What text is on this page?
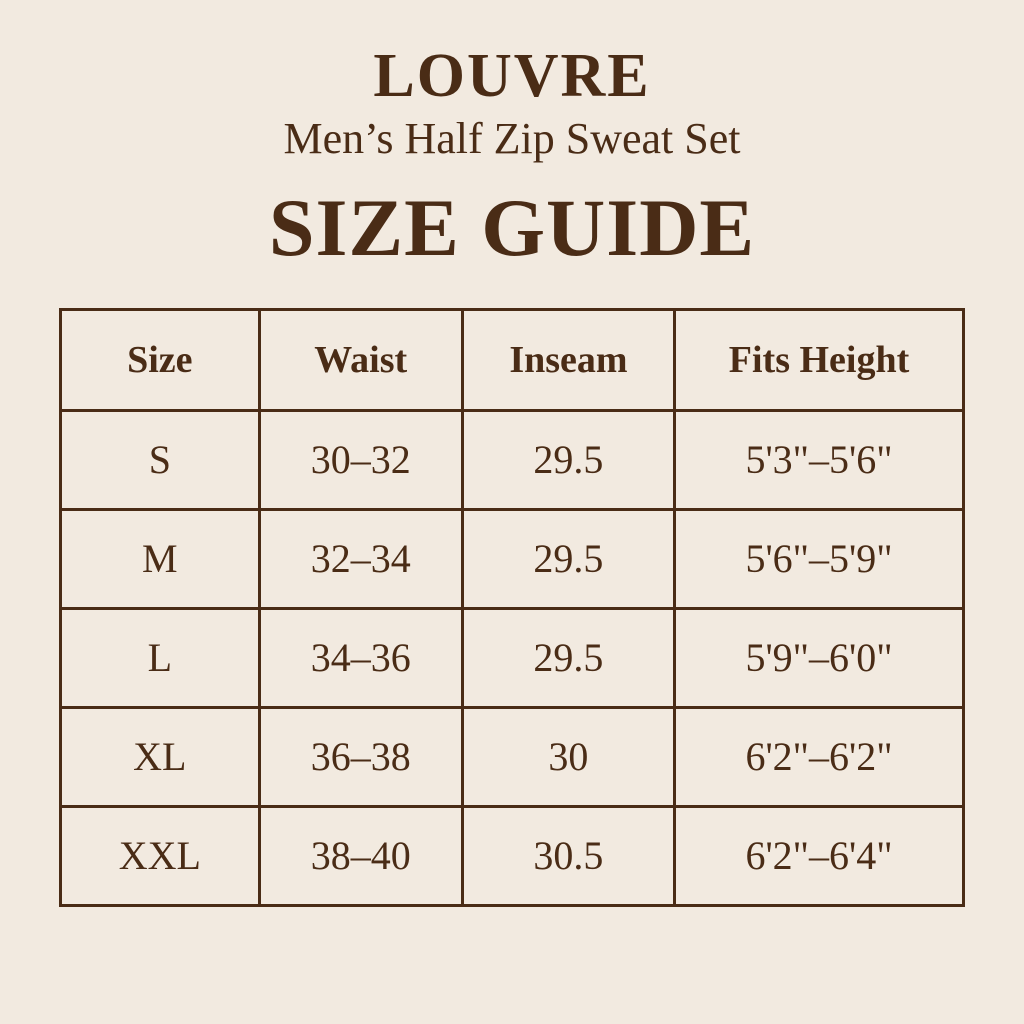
LOUVRE
Men’s Half Zip Sweat Set
SIZE GUIDE
Size	Waist	Inseam	Fits Height
S	30–32	29.5	5'3"–5'6"
M	32–34	29.5	5'6"–5'9"
L	34–36	29.5	5'9"–6'0"
XL	36–38	30	6'2"–6'2"
XXL	38–40	30.5	6'2"–6'4"
